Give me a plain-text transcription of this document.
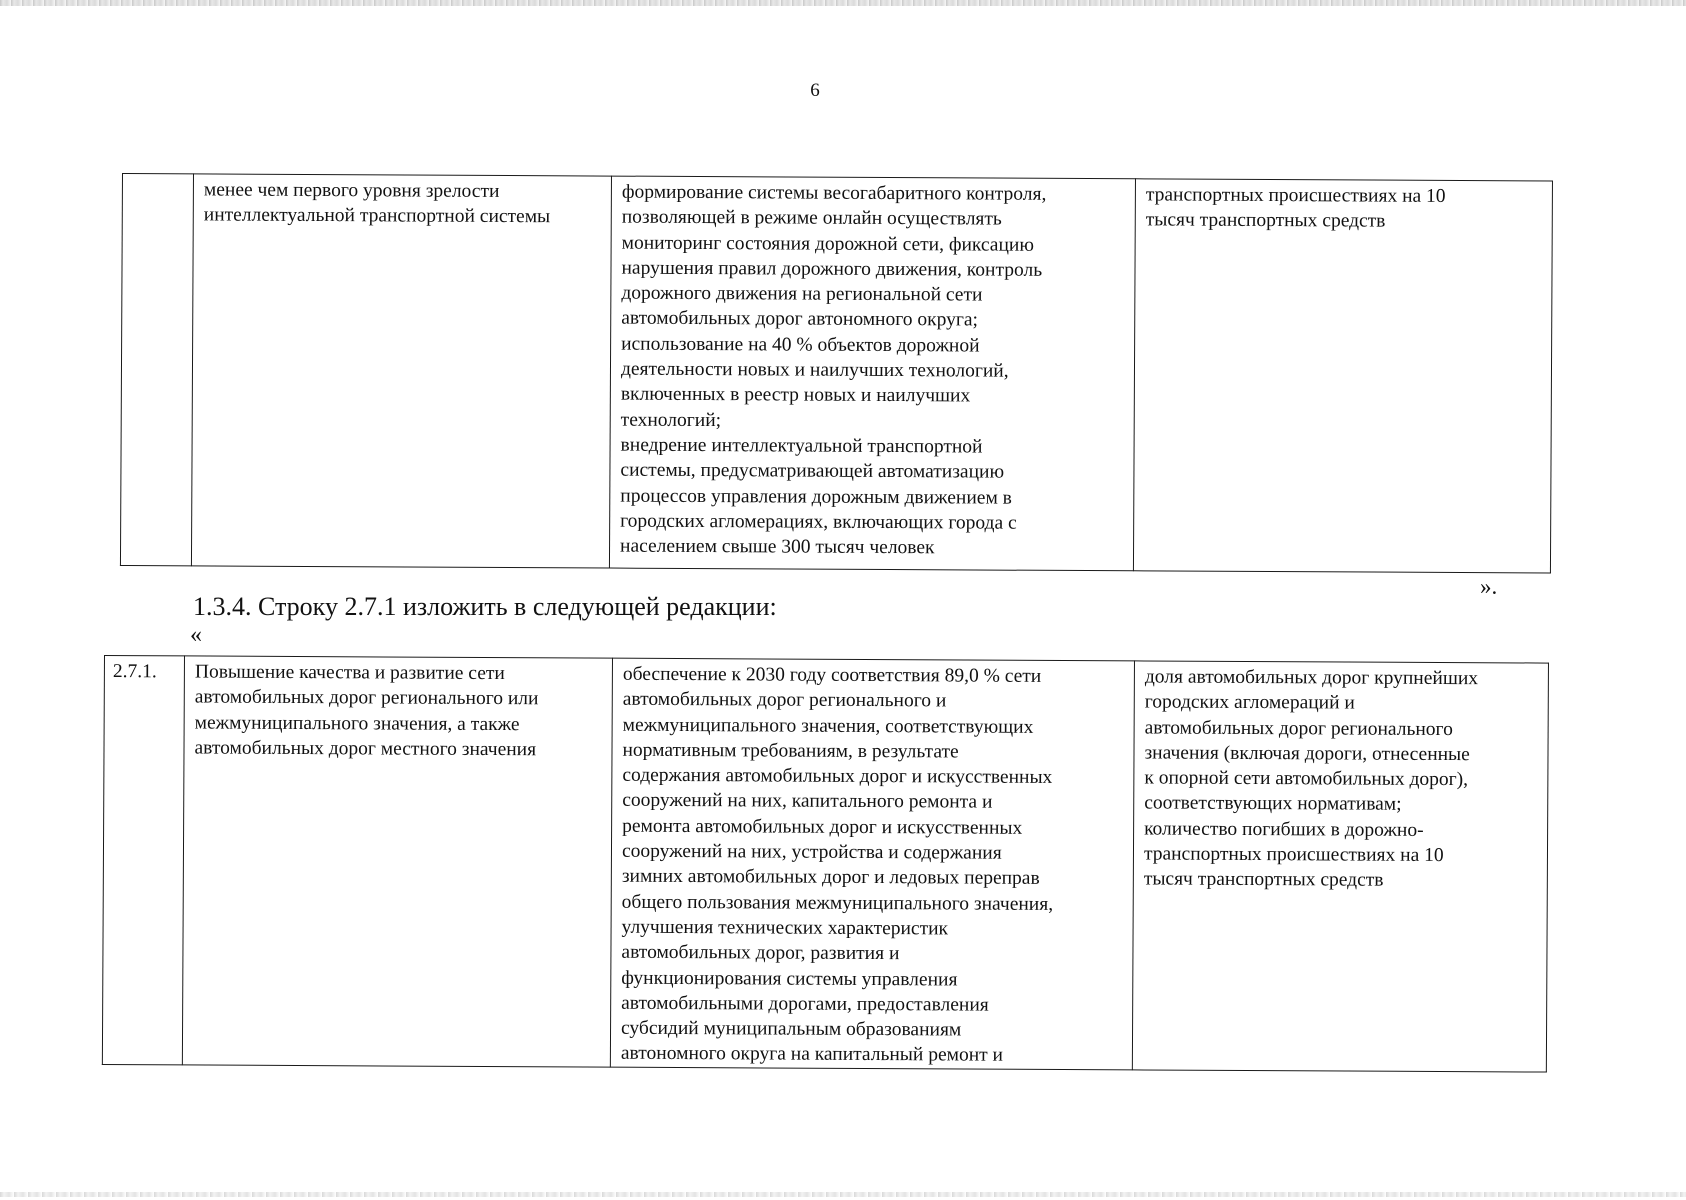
6

менее чем первого уровня зрелости
интеллектуальной транспортной системы

формирование системы весогабаритного контроля,
позволяющей в режиме онлайн осуществлять
мониторинг состояния дорожной сети, фиксацию
нарушения правил дорожного движения, контроль
дорожного движения на региональной сети
автомобильных дорог автономного округа;
использование на 40 % объектов дорожной
деятельности новых и наилучших технологий,
включенных в реестр новых и наилучших
технологий;
внедрение интеллектуальной транспортной
системы, предусматривающей автоматизацию
процессов управления дорожным движением в
городских агломерациях, включающих города с
населением свыше 300 тысяч человек

транспортных происшествиях на 10
тысяч транспортных средств
».
1.3.4. Строку 2.7.1 изложить в следующей редакции:
«
2.7.1.	Повышение качества и развитие сети
автомобильных дорог регионального или
межмуниципального значения, а также
автомобильных дорог местного значения

обеспечение к 2030 году соответствия 89,0 % сети
автомобильных дорог регионального и
межмуниципального значения, соответствующих
нормативным требованиям, в результате
содержания автомобильных дорог и искусственных
сооружений на них, капитального ремонта и
ремонта автомобильных дорог и искусственных
сооружений на них, устройства и содержания
зимних автомобильных дорог и ледовых переправ
общего пользования межмуниципального значения,
улучшения технических характеристик
автомобильных дорог, развития и
функционирования системы управления
автомобильными дорогами, предоставления
субсидий муниципальным образованиям
автономного округа на капитальный ремонт и

доля автомобильных дорог крупнейших
городских агломераций и
автомобильных дорог регионального
значения (включая дороги, отнесенные
к опорной сети автомобильных дорог),
соответствующих нормативам;
количество погибших в дорожно-
транспортных происшествиях на 10
тысяч транспортных средств
